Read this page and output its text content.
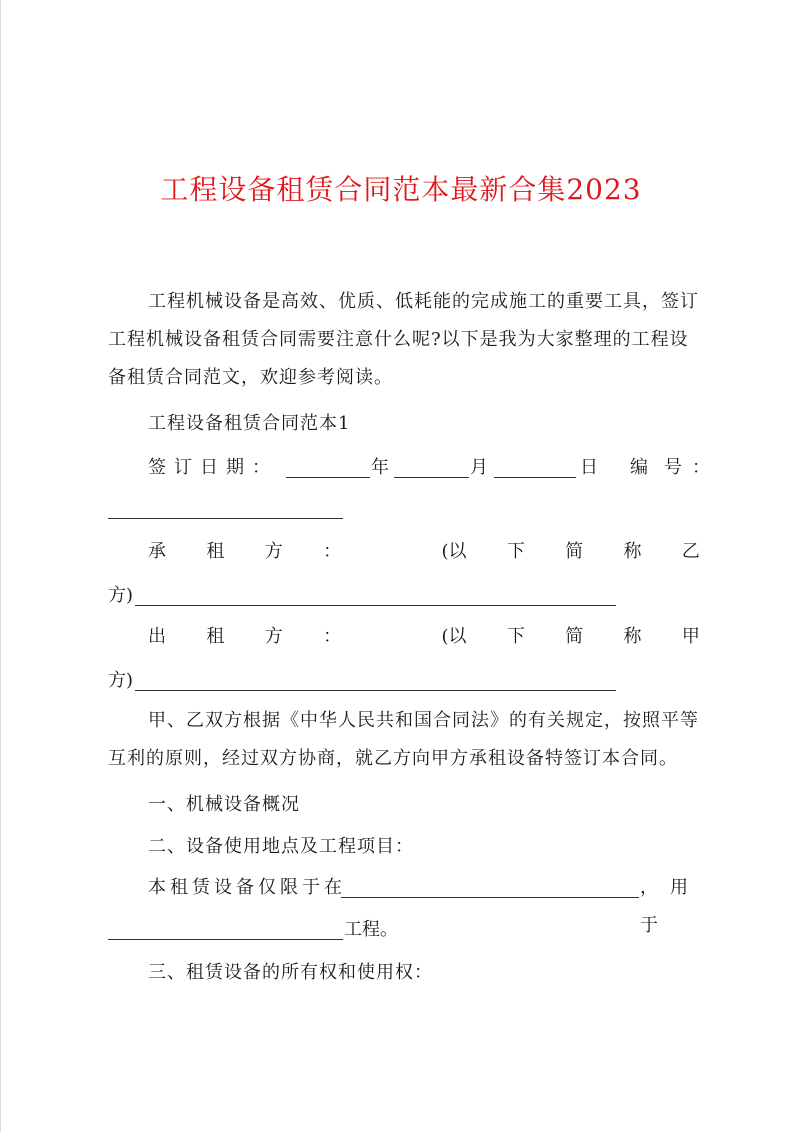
工程设备租赁合同范本最新合集2023
工程机械设备是高效、优质、低耗能的完成施工的重要工具，签订工程机械设备租赁合同需要注意什么呢?以下是我为大家整理的工程设备租赁合同范文，欢迎参考阅读。
工程设备租赁合同范本1
签订日期：	年	月	日 编 号：
承 租 方 ：	(以 下 简 称 乙
方)
出 租 方 ：	(以 下 简 称 甲
方)
甲、乙双方根据《中华人民共和国合同法》的有关规定，按照平等互利的原则，经过双方协商，就乙方向甲方承租设备特签订本合同。
一、机械设备概况
二、设备使用地点及工程项目：
本租赁设备仅限于在	，用于
工程。
三、租赁设备的所有权和使用权：
